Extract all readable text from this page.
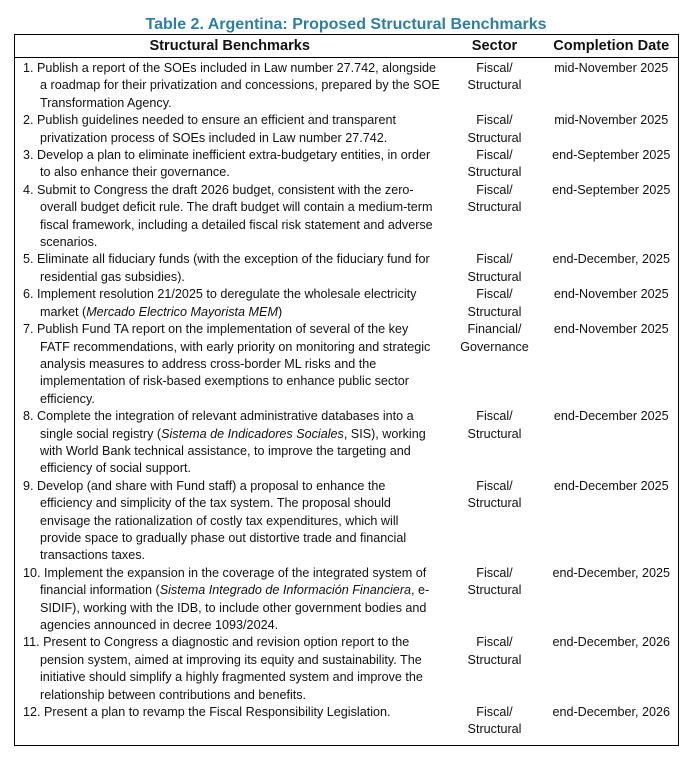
Table 2. Argentina: Proposed Structural Benchmarks
Structural Benchmarks	Sector	Completion Date

1. Publish a report of the SOEs included in Law number 27.742, alongside a roadmap for their privatization and concessions, prepared by the SOE Transformation Agency.	Fiscal/ Structural	mid-November 2025

2. Publish guidelines needed to ensure an efficient and transparent privatization process of SOEs included in Law number 27.742.	Fiscal/ Structural	mid-November 2025

3. Develop a plan to eliminate inefficient extra-budgetary entities, in order to also enhance their governance.	Fiscal/ Structural	end-September 2025

4. Submit to Congress the draft 2026 budget, consistent with the zero-overall budget deficit rule. The draft budget will contain a medium-term fiscal framework, including a detailed fiscal risk statement and adverse scenarios.	Fiscal/ Structural	end-September 2025

5. Eliminate all fiduciary funds (with the exception of the fiduciary fund for residential gas subsidies).	Fiscal/ Structural	end-December, 2025

6. Implement resolution 21/2025 to deregulate the wholesale electricity market (Mercado Electrico Mayorista MEM)	Fiscal/ Structural	end-November 2025

7. Publish Fund TA report on the implementation of several of the key FATF recommendations, with early priority on monitoring and strategic analysis measures to address cross-border ML risks and the implementation of risk-based exemptions to enhance public sector efficiency.	Financial/ Governance	end-November 2025

8. Complete the integration of relevant administrative databases into a single social registry (Sistema de Indicadores Sociales, SIS), working with World Bank technical assistance, to improve the targeting and efficiency of social support.	Fiscal/ Structural	end-December 2025

9. Develop (and share with Fund staff) a proposal to enhance the efficiency and simplicity of the tax system. The proposal should envisage the rationalization of costly tax expenditures, which will provide space to gradually phase out distortive trade and financial transactions taxes.	Fiscal/ Structural	end-December 2025

10. Implement the expansion in the coverage of the integrated system of financial information (Sistema Integrado de Información Financiera, e-SIDIF), working with the IDB, to include other government bodies and agencies announced in decree 1093/2024.	Fiscal/ Structural	end-December, 2025

11. Present to Congress a diagnostic and revision option report to the pension system, aimed at improving its equity and sustainability. The initiative should simplify a highly fragmented system and improve the relationship between contributions and benefits.	Fiscal/ Structural	end-December, 2026

12. Present a plan to revamp the Fiscal Responsibility Legislation.	Fiscal/ Structural	end-December, 2026
